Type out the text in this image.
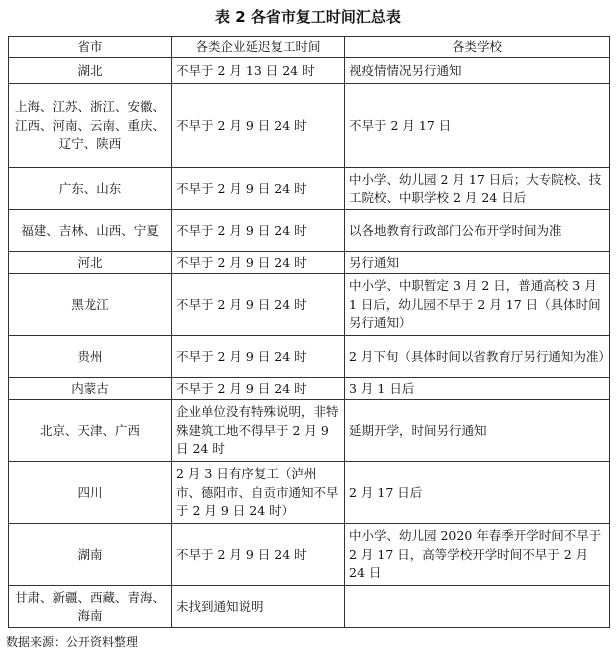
表 2 各省市复工时间汇总表
省市	各类企业延迟复工时间	各类学校
湖北	不早于 2 月 13 日 24 时	视疫情情况另行通知
上海、江苏、浙江、安徽、江西、河南、云南、重庆、辽宁、陕西	不早于 2 月 9 日 24 时	不早于 2 月 17 日
广东、山东	不早于 2 月 9 日 24 时	中小学、幼儿园 2 月 17 日后；大专院校、技工院校、中职学校 2 月 24 日后
福建、吉林、山西、宁夏	不早于 2 月 9 日 24 时	以各地教育行政部门公布开学时间为准
河北	不早于 2 月 9 日 24 时	另行通知
黑龙江	不早于 2 月 9 日 24 时	中小学、中职暂定 3 月 2 日，普通高校 3 月 1 日后，幼儿园不早于 2 月 17 日（具体时间另行通知）
贵州	不早于 2 月 9 日 24 时	2 月下旬（具体时间以省教育厅另行通知为准）
内蒙古	不早于 2 月 9 日 24 时	3 月 1 日后
北京、天津、广西	企业单位没有特殊说明，非特殊建筑工地不得早于 2 月 9 日 24 时	延期开学，时间另行通知
四川	2 月 3 日有序复工（泸州市、德阳市、自贡市通知不早于 2 月 9 日 24 时）	2 月 17 日后
湖南	不早于 2 月 9 日 24 时	中小学、幼儿园 2020 年春季开学时间不早于 2 月 17 日，高等学校开学时间不早于 2 月 24 日
甘肃、新疆、西藏、青海、海南	未找到通知说明	
数据来源：公开资料整理
